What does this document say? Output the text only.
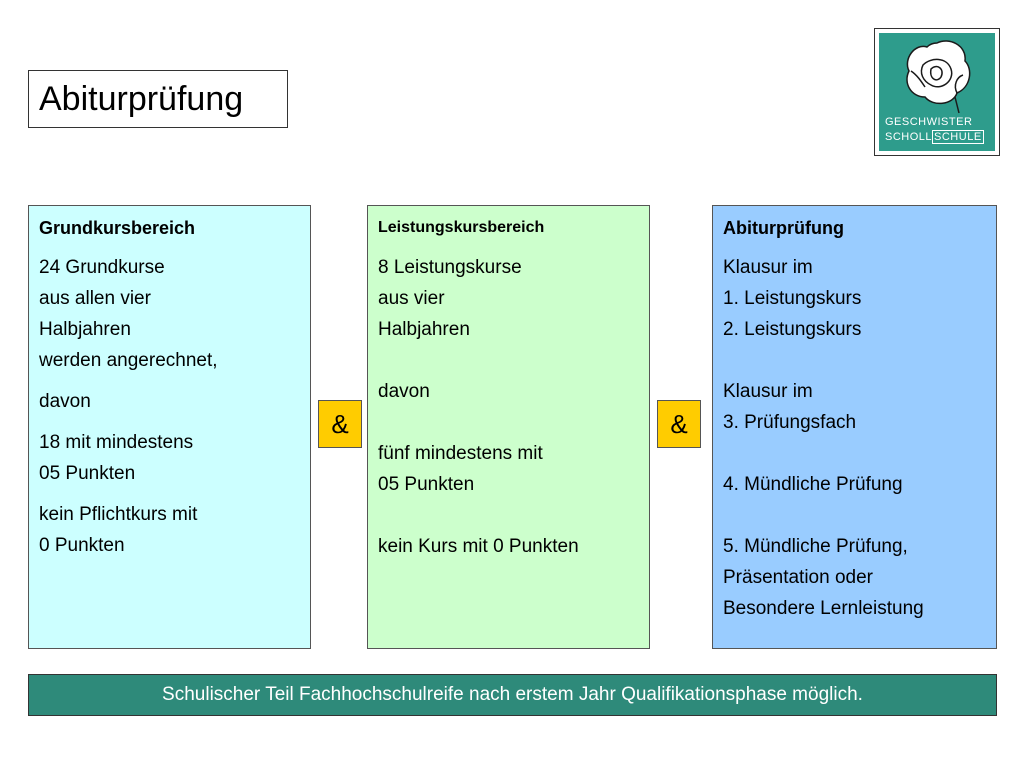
Abiturprüfung
GESCHWISTER
SCHOLL SCHULE
Grundkursbereich
24 Grundkurse
aus allen vier
Halbjahren
werden angerechnet,
davon
18 mit mindestens
05 Punkten
kein Pflichtkurs mit
0 Punkten
&
Leistungskursbereich
8 Leistungskurse
aus vier
Halbjahren
davon
fünf mindestens mit
05 Punkten
kein Kurs mit 0 Punkten
&
Abiturprüfung
Klausur im
1. Leistungskurs
2. Leistungskurs
Klausur im
3. Prüfungsfach
4. Mündliche Prüfung
5. Mündliche Prüfung,
Präsentation oder
Besondere Lernleistung
Schulischer Teil Fachhochschulreife nach erstem Jahr Qualifikationsphase möglich.
